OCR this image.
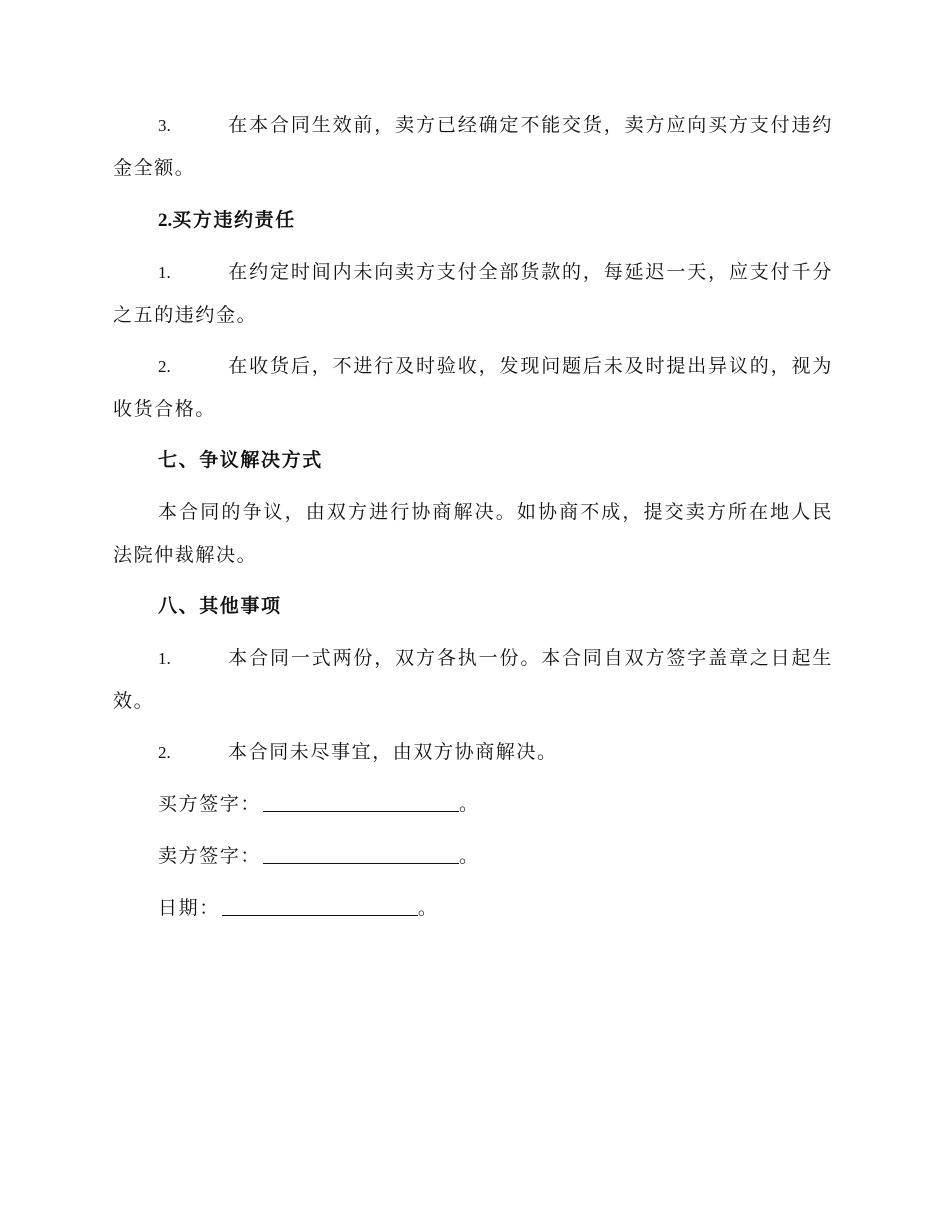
3.	在本合同生效前，卖方已经确定不能交货，卖方应向买方支付违约金全额。

2.买方违约责任

1.	在约定时间内未向卖方支付全部货款的，每延迟一天，应支付千分之五的违约金。

2.	在收货后，不进行及时验收，发现问题后未及时提出异议的，视为收货合格。

七、争议解决方式

本合同的争议，由双方进行协商解决。如协商不成，提交卖方所在地人民法院仲裁解决。

八、其他事项

1.	本合同一式两份，双方各执一份。本合同自双方签字盖章之日起生效。

2.	本合同未尽事宜，由双方协商解决。

买方签字：	。

卖方签字：	。

日期：	。
